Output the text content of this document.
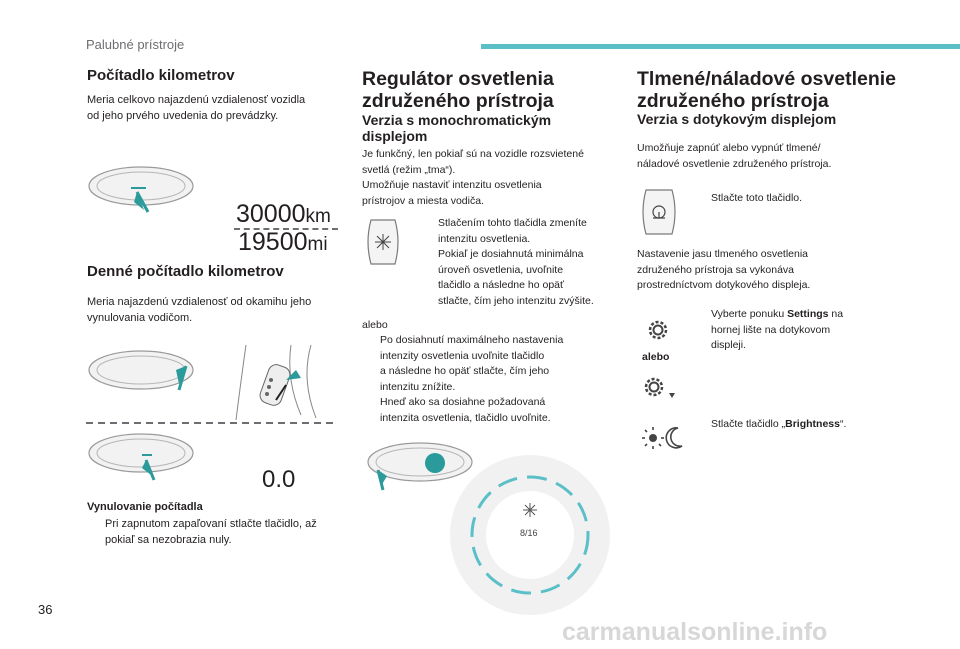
Palubné prístroje
36
carmanualsonline.info
Počítadlo kilometrov
Meria celkovo najazdenú vzdialenosť vozidla
od jeho prvého uvedenia do prevádzky.
30000km
19500mi
Denné počítadlo kilometrov
Meria najazdenú vzdialenosť od okamihu jeho
vynulovania vodičom.
0.0
Vynulovanie počítadla

Pri zapnutom zapaľovaní stlačte tlačidlo, až

pokiaľ sa nezobrazia nuly.

Regulátor osvetlenia
združeného prístroja
Verzia s monochromatickým
displejom
Je funkčný, len pokiaľ sú na vozidle rozsvietené
svetlá (režim „tma“).
Umožňuje nastaviť intenzitu osvetlenia
prístrojov a miesta vodiča.

Stlačením tohto tlačidla zmeníte

intenzitu osvetlenia.

Pokiaľ je dosiahnutá minimálna

úroveň osvetlenia, uvoľnite

tlačidlo a následne ho opäť

stlačte, čím jeho intenzitu zvýšite.

alebo

Po dosiahnutí maximálneho nastavenia

intenzity osvetlenia uvoľnite tlačidlo

a následne ho opäť stlačte, čím jeho

intenzitu znížite.

Hneď ako sa dosiahne požadovaná

intenzita osvetlenia, tlačidlo uvoľnite.

8/16
Tlmené/náladové osvetlenie
združeného prístroja
Verzia s dotykovým displejom
Umožňuje zapnúť alebo vypnúť tlmené/
náladové osvetlenie združeného prístroja.
Stlačte toto tlačidlo.
Nastavenie jasu tlmeného osvetlenia
združeného prístroja sa vykonáva
prostredníctvom dotykového displeja.
alebo

Vyberte ponuku Settings na

hornej lište na dotykovom

displeji.

Stlačte tlačidlo „Brightness“.
